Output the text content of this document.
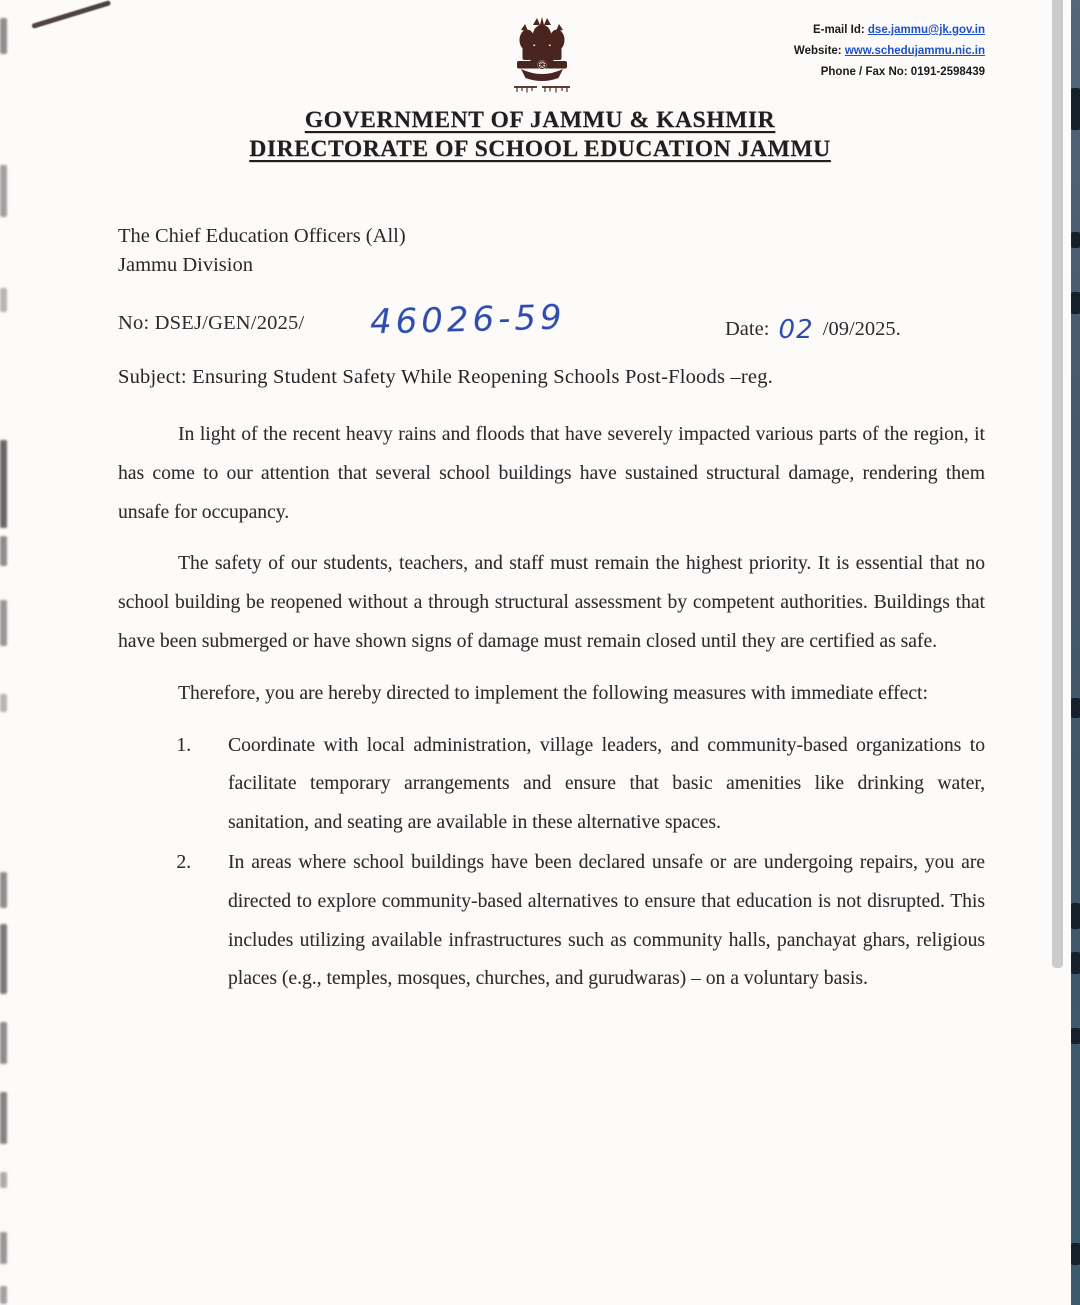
E-mail Id: dse.jammu@jk.gov.in
Website: www.schedujammu.nic.in
Phone / Fax No: 0191-2598439
GOVERNMENT OF JAMMU & KASHMIR
DIRECTORATE OF SCHOOL EDUCATION JAMMU
The Chief Education Officers (All)
Jammu Division
No: DSEJ/GEN/2025/ 46026-59	Date: 02 /09/2025.
Subject: Ensuring Student Safety While Reopening Schools Post-Floods –reg.

In light of the recent heavy rains and floods that have severely impacted various parts of the region, it has come to our attention that several school buildings have sustained structural damage, rendering them unsafe for occupancy.

The safety of our students, teachers, and staff must remain the highest priority. It is essential that no school building be reopened without a through structural assessment by competent authorities. Buildings that have been submerged or have shown signs of damage must remain closed until they are certified as safe.

Therefore, you are hereby directed to implement the following measures with immediate effect:

1. Coordinate with local administration, village leaders, and community-based organizations to facilitate temporary arrangements and ensure that basic amenities like drinking water, sanitation, and seating are available in these alternative spaces.
2. In areas where school buildings have been declared unsafe or are undergoing repairs, you are directed to explore community-based alternatives to ensure that education is not disrupted. This includes utilizing available infrastructures such as community halls, panchayat ghars, religious places (e.g., temples, mosques, churches, and gurudwaras) – on a voluntary basis.
